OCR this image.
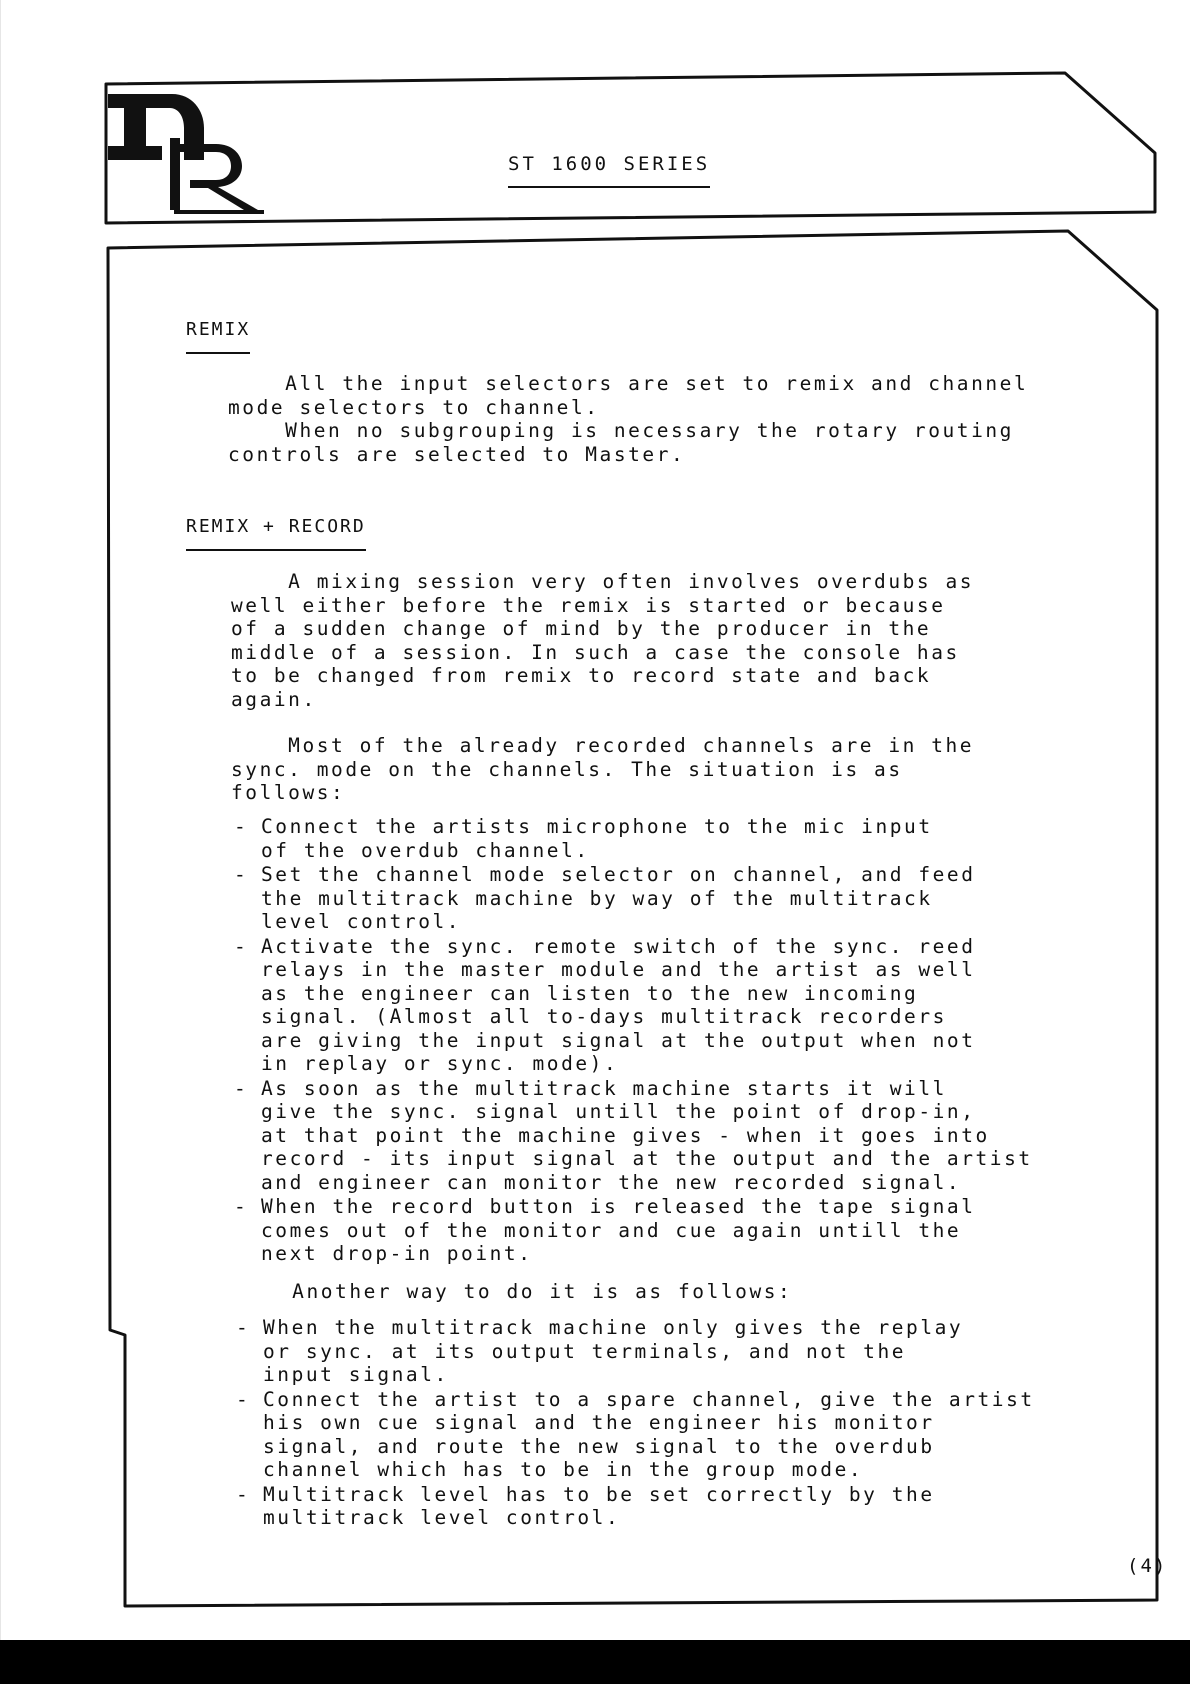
ST 1600 SERIES
REMIX
All the input selectors are set to remix and channel
mode selectors to channel.
When no subgrouping is necessary the rotary routing
controls are selected to Master.
REMIX + RECORD
A mixing session very often involves overdubs as
well either before the remix is started or because
of a sudden change of mind by the producer in the
middle of a session. In such a case the console has
to be changed from remix to record state and back
again.
Most of the already recorded channels are in the
sync. mode on the channels. The situation is as
follows:
- Connect the artists microphone to the mic input
of the overdub channel.
- Set the channel mode selector on channel, and feed
the multitrack machine by way of the multitrack
level control.
- Activate the sync. remote switch of the sync. reed
relays in the master module and the artist as well
as the engineer can listen to the new incoming
signal. (Almost all to-days multitrack recorders
are giving the input signal at the output when not
in replay or sync. mode).
- As soon as the multitrack machine starts it will
give the sync. signal untill the point of drop-in,
at that point the machine gives - when it goes into
record - its input signal at the output and the artist
and engineer can monitor the new recorded signal.
- When the record button is released the tape signal
comes out of the monitor and cue again untill the
next drop-in point.
Another way to do it is as follows:
- When the multitrack machine only gives the replay
or sync. at its output terminals, and not the
input signal.
- Connect the artist to a spare channel, give the artist
his own cue signal and the engineer his monitor
signal, and route the new signal to the overdub
channel which has to be in the group mode.
- Multitrack level has to be set correctly by the
multitrack level control.
(4)
